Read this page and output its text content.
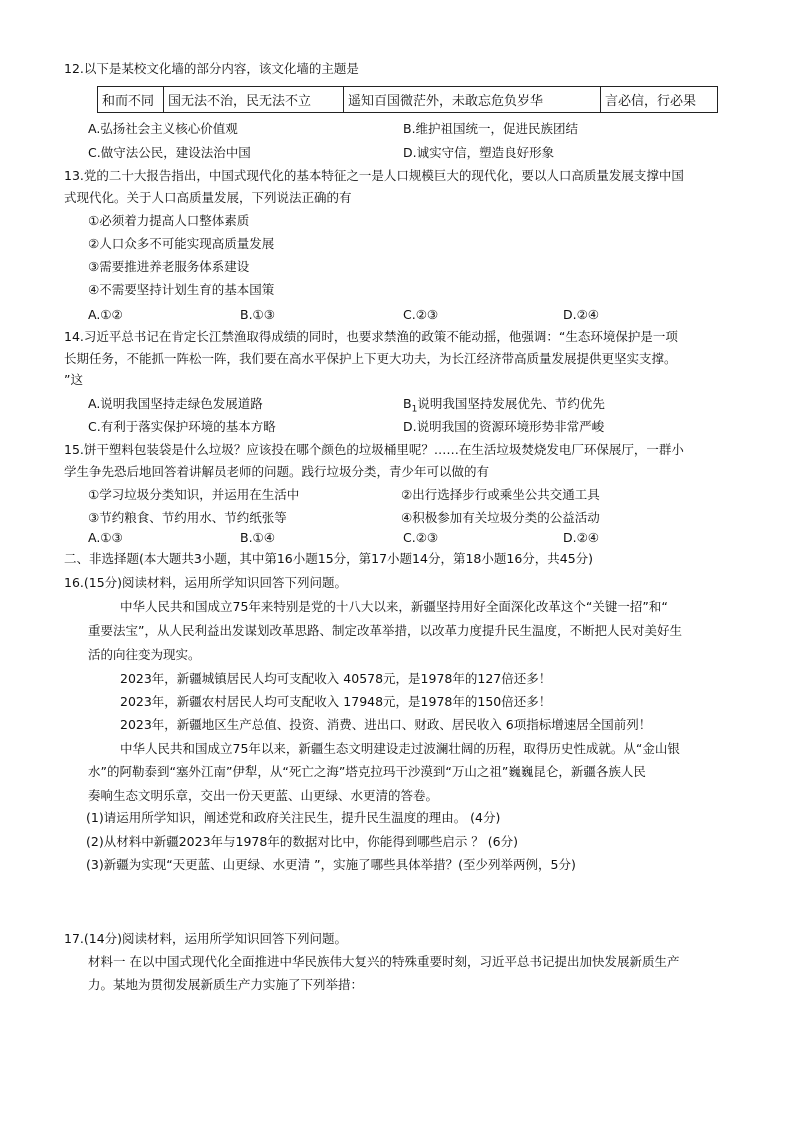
12.以下是某校文化墙的部分内容，该文化墙的主题是
和而不同	国无法不治，民无法不立	遥知百国微茫外，未敢忘危负岁华	言必信，行必果
A.弘扬社会主义核心价值观	B.维护祖国统一，促进民族团结
C.做守法公民，建设法治中国	D.诚实守信，塑造良好形象
13.党的二十大报告指出，中国式现代化的基本特征之一是人口规模巨大的现代化，要以人口高质量发展支撑中国
式现代化。关于人口高质量发展，下列说法正确的有
①必须着力提高人口整体素质
②人口众多不可能实现高质量发展
③需要推进养老服务体系建设
④不需要坚持计划生育的基本国策
A.①②	B.①③	C.②③	D.②④
14.习近平总书记在肯定长江禁渔取得成绩的同时，也要求禁渔的政策不能动摇，他强调：“生态环境保护是一项
长期任务，不能抓一阵松一阵，我们要在高水平保护上下更大功夫，为长江经济带高质量发展提供更坚实支撑。
”这
A.说明我国坚持走绿色发展道路	$B_1$说明我国坚持发展优先、节约优先
C.有利于落实保护环境的基本方略	D.说明我国的资源环境形势非常严峻
15.饼干塑料包装袋是什么垃圾？应该投在哪个颜色的垃圾桶里呢？……在生活垃圾焚烧发电厂环保展厅，一群小
学生争先恐后地回答着讲解员老师的问题。践行垃圾分类，青少年可以做的有
①学习垃圾分类知识，并运用在生活中	②出行选择步行或乘坐公共交通工具
③节约粮食、节约用水、节约纸张等	④积极参加有关垃圾分类的公益活动
A.①③	B.①④	C.②③	D.②④
二、非选择题(本大题共3小题，其中第16小题15分，第17小题14分，第18小题16分，共45分)
16.(15分)阅读材料，运用所学知识回答下列问题。
中华人民共和国成立75年来特别是党的十八大以来，新疆坚持用好全面深化改革这个“关键一招”和“
重要法宝”，从人民利益出发谋划改革思路、制定改革举措，以改革力度提升民生温度，不断把人民对美好生
活的向往变为现实。
2023年，新疆城镇居民人均可支配收入 40578元，是1978年的127倍还多！
2023年，新疆农村居民人均可支配收入 17948元，是1978年的150倍还多！
2023年，新疆地区生产总值、投资、消费、进出口、财政、居民收入 6项指标增速居全国前列！
中华人民共和国成立75年以来，新疆生态文明建设走过波澜壮阔的历程，取得历史性成就。从“金山银
水”的阿勒泰到“塞外江南”伊犁，从“死亡之海”塔克拉玛干沙漠到“万山之祖”巍巍昆仑，新疆各族人民
奏响生态文明乐章，交出一份天更蓝、山更绿、水更清的答卷。
(1)请运用所学知识，阐述党和政府关注民生，提升民生温度的理由。 (4分)
(2)从材料中新疆2023年与1978年的数据对比中，你能得到哪些启示 ？ (6分)
(3)新疆为实现“天更蓝、山更绿、水更清 ”，实施了哪些具体举措？(至少列举两例，5分)
17.(14分)阅读材料，运用所学知识回答下列问题。
材料一 在以中国式现代化全面推进中华民族伟大复兴的特殊重要时刻，习近平总书记提出加快发展新质生产
力。某地为贯彻发展新质生产力实施了下列举措：
